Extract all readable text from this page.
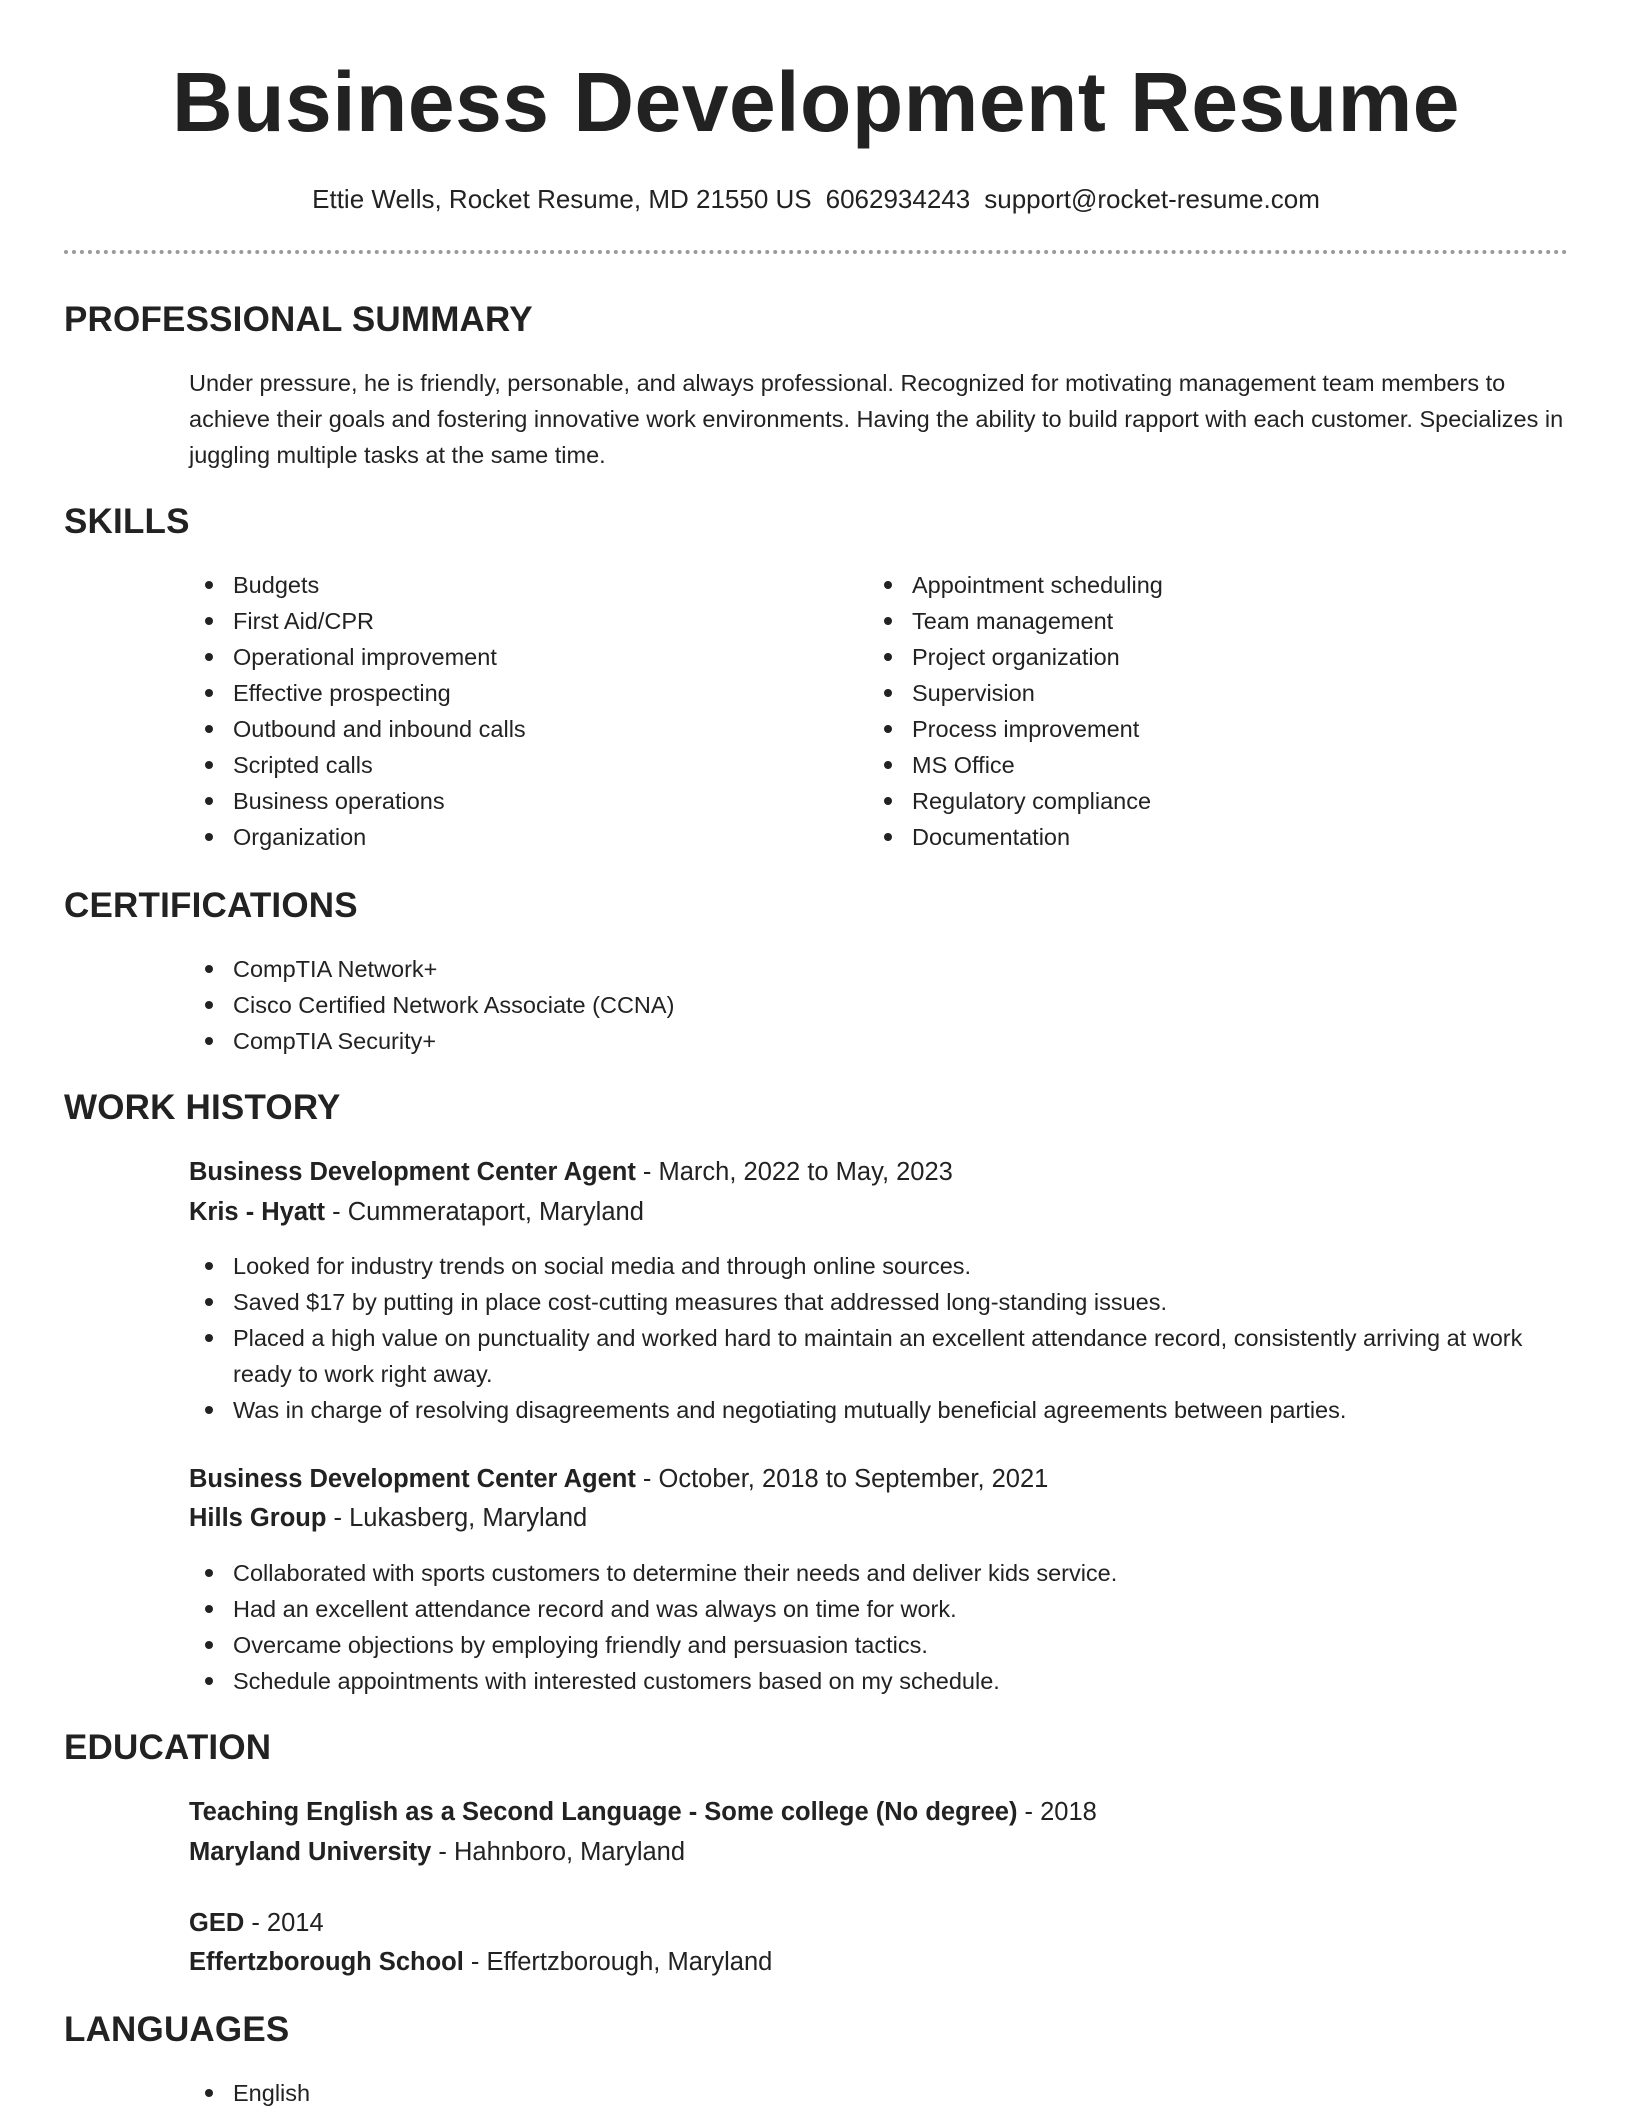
Business Development Resume
Ettie Wells, Rocket Resume, MD 21550 US 6062934243 support@rocket-resume.com
PROFESSIONAL SUMMARY

Under pressure, he is friendly, personable, and always professional. Recognized for motivating management team members to achieve their goals and fostering innovative work environments. Having the ability to build rapport with each customer. Specializes in juggling multiple tasks at the same time.

SKILLS
Budgets
First Aid/CPR
Operational improvement
Effective prospecting
Outbound and inbound calls
Scripted calls
Business operations
Organization
Appointment scheduling
Team management
Project organization
Supervision
Process improvement
MS Office
Regulatory compliance
Documentation
CERTIFICATIONS
CompTIA Network+
Cisco Certified Network Associate (CCNA)
CompTIA Security+
WORK HISTORY
Business Development Center Agent - March, 2022 to May, 2023
Kris - Hyatt - Cummerataport, Maryland
Looked for industry trends on social media and through online sources.
Saved $17 by putting in place cost-cutting measures that addressed long-standing issues.
Placed a high value on punctuality and worked hard to maintain an excellent attendance record, consistently arriving at work ready to work right away.
Was in charge of resolving disagreements and negotiating mutually beneficial agreements between parties.
Business Development Center Agent - October, 2018 to September, 2021
Hills Group - Lukasberg, Maryland
Collaborated with sports customers to determine their needs and deliver kids service.
Had an excellent attendance record and was always on time for work.
Overcame objections by employing friendly and persuasion tactics.
Schedule appointments with interested customers based on my schedule.
EDUCATION
Teaching English as a Second Language - Some college (No degree) - 2018
Maryland University - Hahnboro, Maryland
GED - 2014
Effertzborough School - Effertzborough, Maryland
LANGUAGES
English
